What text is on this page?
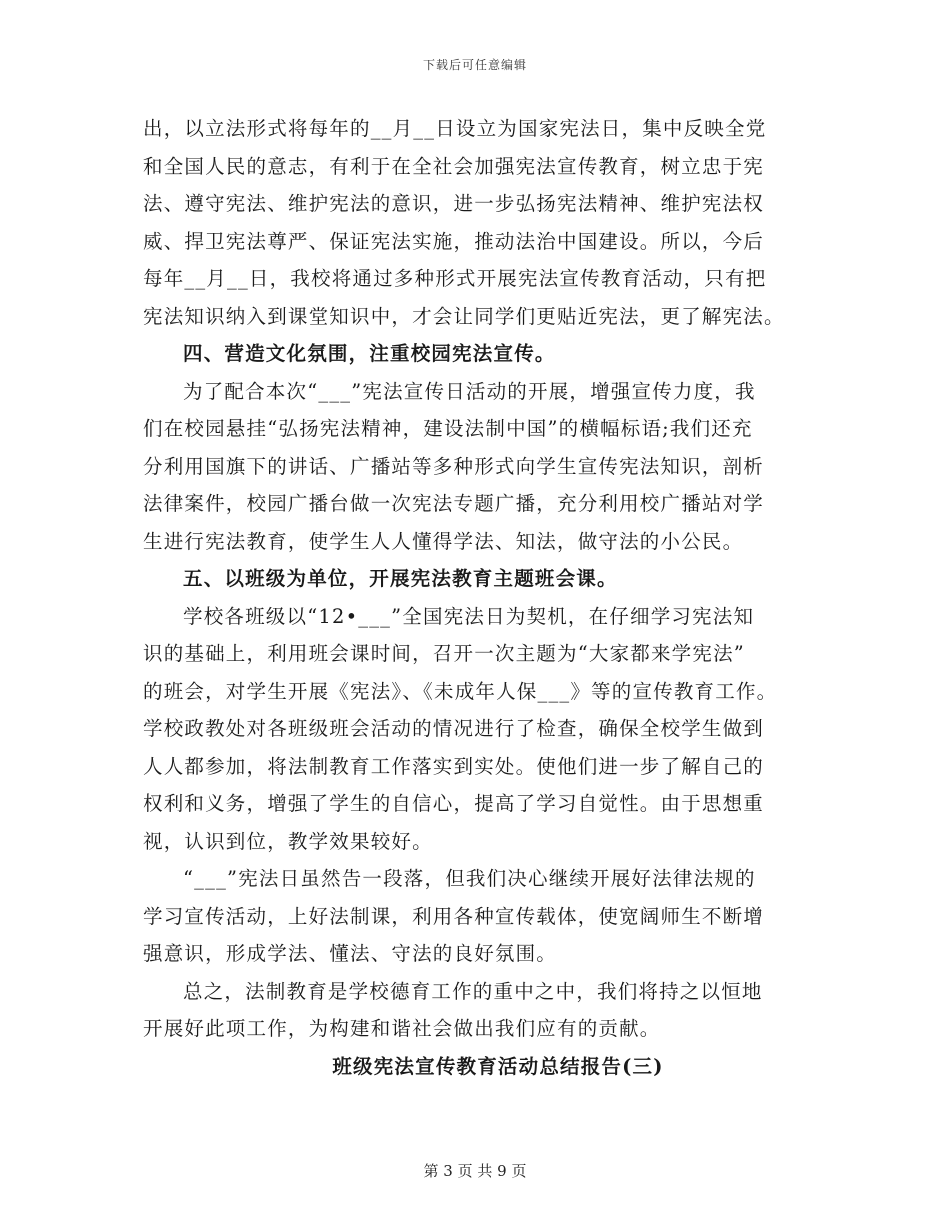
下载后可任意编辑
出，以立法形式将每年的__月__日设立为国家宪法日，集中反映全党
和全国人民的意志，有利于在全社会加强宪法宣传教育，树立忠于宪
法、遵守宪法、维护宪法的意识，进一步弘扬宪法精神、维护宪法权
威、捍卫宪法尊严、保证宪法实施，推动法治中国建设。所以，今后
每年__月__日，我校将通过多种形式开展宪法宣传教育活动，只有把
宪法知识纳入到课堂知识中，才会让同学们更贴近宪法，更了解宪法。
四、营造文化氛围，注重校园宪法宣传。
为了配合本次“___”宪法宣传日活动的开展，增强宣传力度，我
们在校园悬挂“弘扬宪法精神，建设法制中国”的横幅标语;我们还充
分利用国旗下的讲话、广播站等多种形式向学生宣传宪法知识，剖析
法律案件，校园广播台做一次宪法专题广播，充分利用校广播站对学
生进行宪法教育，使学生人人懂得学法、知法，做守法的小公民。
五、以班级为单位，开展宪法教育主题班会课。
学校各班级以“12•___”全国宪法日为契机，在仔细学习宪法知
识的基础上，利用班会课时间，召开一次主题为“大家都来学宪法”
的班会，对学生开展《宪法》、《未成年人保___》等的宣传教育工作。
学校政教处对各班级班会活动的情况进行了检查，确保全校学生做到
人人都参加，将法制教育工作落实到实处。使他们进一步了解自己的
权利和义务，增强了学生的自信心，提高了学习自觉性。由于思想重
视，认识到位，教学效果较好。
“___”宪法日虽然告一段落，但我们决心继续开展好法律法规的
学习宣传活动，上好法制课，利用各种宣传载体，使宽阔师生不断增
强意识，形成学法、懂法、守法的良好氛围。
总之，法制教育是学校德育工作的重中之中，我们将持之以恒地
开展好此项工作，为构建和谐社会做出我们应有的贡献。
班级宪法宣传教育活动总结报告(三)
第 3 页 共 9 页
